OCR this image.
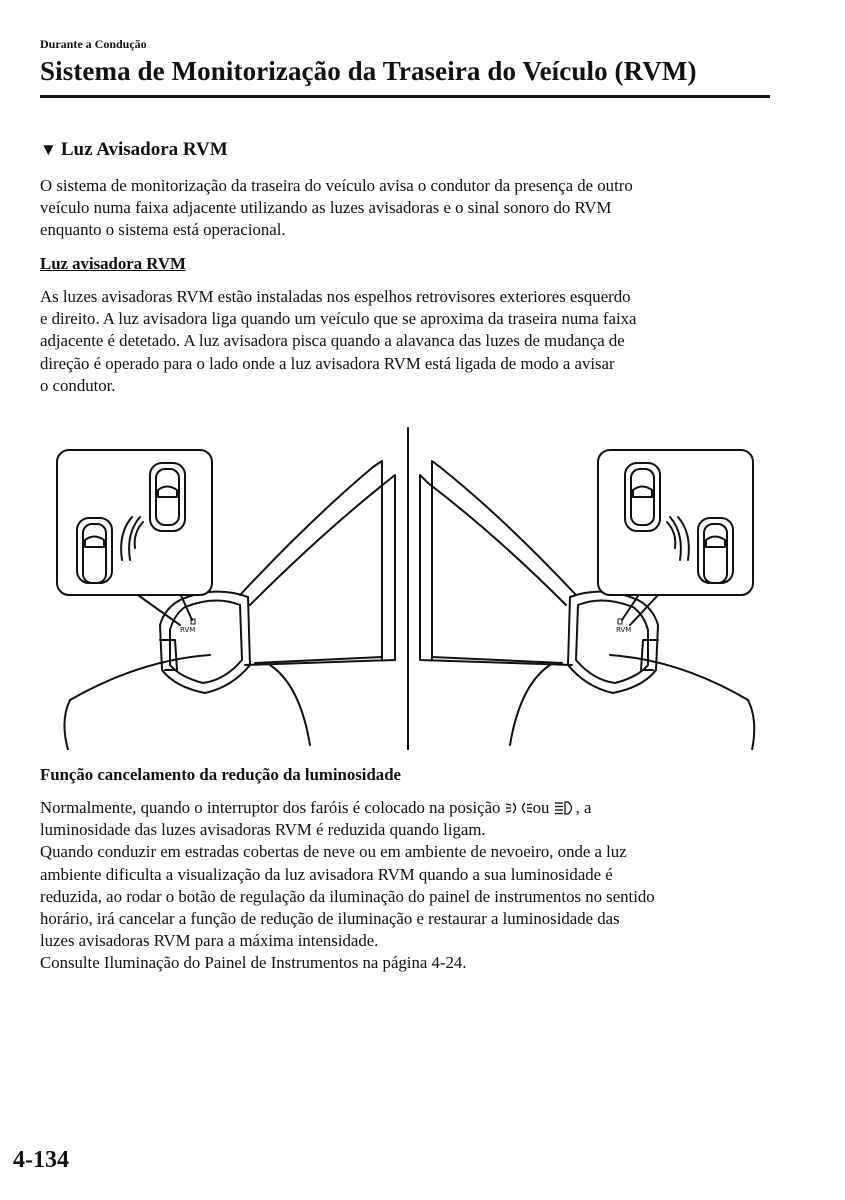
Durante a Condução
Sistema de Monitorização da Traseira do Veículo (RVM)
▼ Luz Avisadora RVM
O sistema de monitorização da traseira do veículo avisa o condutor da presença de outro
veículo numa faixa adjacente utilizando as luzes avisadoras e o sinal sonoro do RVM
enquanto o sistema está operacional.
Luz avisadora RVM
As luzes avisadoras RVM estão instaladas nos espelhos retrovisores exteriores esquerdo
e direito. A luz avisadora liga quando um veículo que se aproxima da traseira numa faixa
adjacente é detetado. A luz avisadora pisca quando a alavanca das luzes de mudança de
direção é operado para o lado onde a luz avisadora RVM está ligada de modo a avisar
o condutor.
RVM	RVM
Função cancelamento da redução da luminosidade
Normalmente, quando o interruptor dos faróis é colocado na posição ou , a
luminosidade das luzes avisadoras RVM é reduzida quando ligam.
Quando conduzir em estradas cobertas de neve ou em ambiente de nevoeiro, onde a luz
ambiente dificulta a visualização da luz avisadora RVM quando a sua luminosidade é
reduzida, ao rodar o botão de regulação da iluminação do painel de instrumentos no sentido
horário, irá cancelar a função de redução de iluminação e restaurar a luminosidade das
luzes avisadoras RVM para a máxima intensidade.
Consulte Iluminação do Painel de Instrumentos na página 4-24.
4-134
